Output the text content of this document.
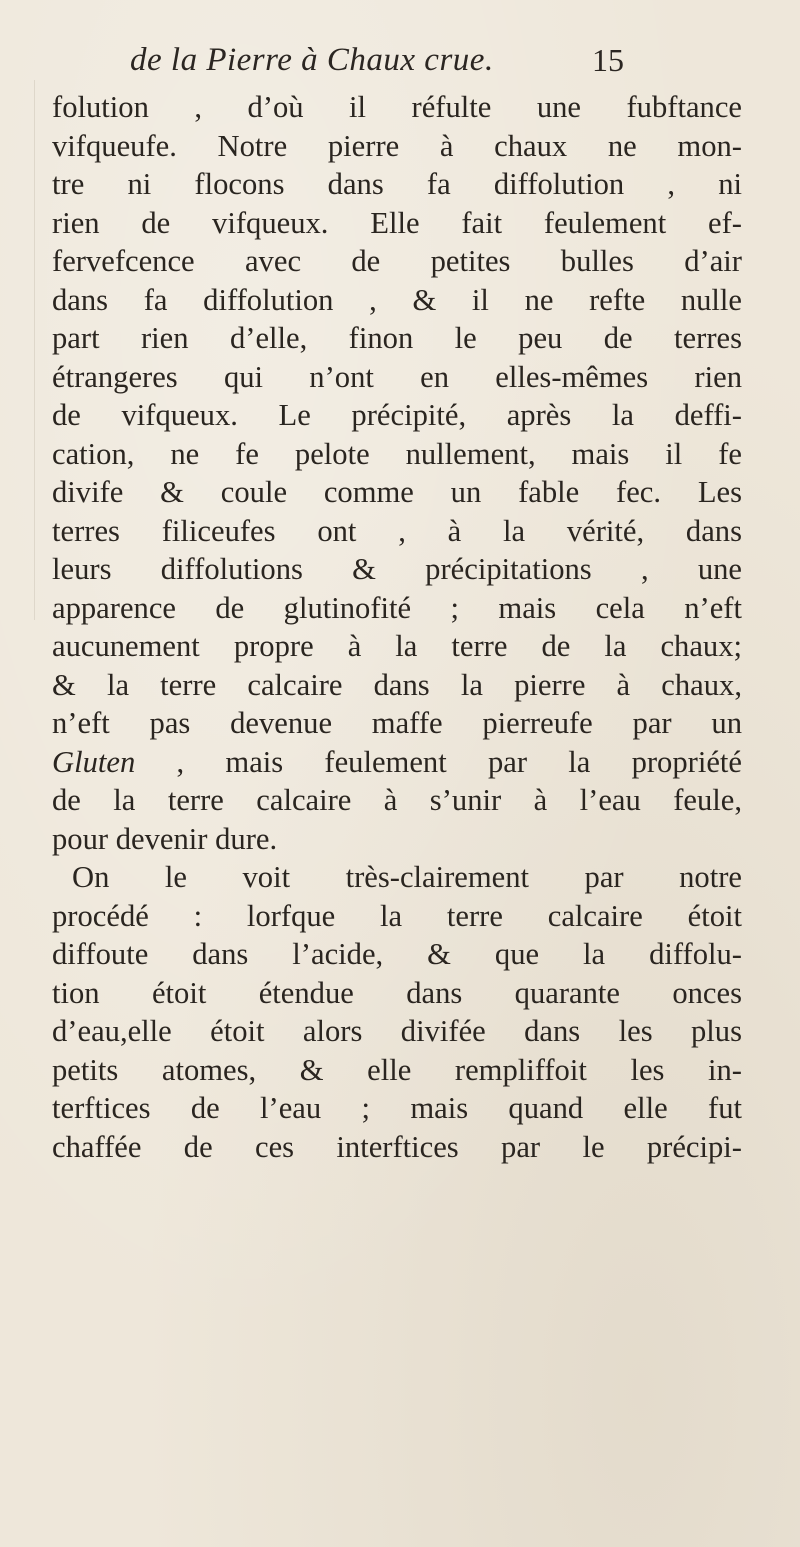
de la Pierre à Chaux crue.	15
folution , d’où il réfulte une fubftance
vifqueufe. Notre pierre à chaux ne mon-
tre ni flocons dans fa diffolution , ni
rien de vifqueux. Elle fait feulement ef-
fervefcence avec de petites bulles d’air
dans fa diffolution , & il ne refte nulle
part rien d’elle, finon le peu de terres
étrangeres qui n’ont en elles-mêmes rien
de vifqueux. Le précipité, après la deffi-
cation, ne fe pelote nullement, mais il fe
divife & coule comme un fable fec. Les
terres filiceufes ont , à la vérité, dans
leurs diffolutions & précipitations , une
apparence de glutinofité ; mais cela n’eft
aucunement propre à la terre de la chaux;
& la terre calcaire dans la pierre à chaux,
n’eft pas devenue maffe pierreufe par un
Gluten , mais feulement par la propriété
de la terre calcaire à s’unir à l’eau feule,
pour devenir dure.
On le voit très-clairement par notre
procédé : lorfque la terre calcaire étoit
diffoute dans l’acide, & que la diffolu-
tion étoit étendue dans quarante onces
d’eau,elle étoit alors divifée dans les plus
petits atomes, & elle rempliffoit les in-
terftices de l’eau ; mais quand elle fut
chaffée de ces interftices par le précipi-
